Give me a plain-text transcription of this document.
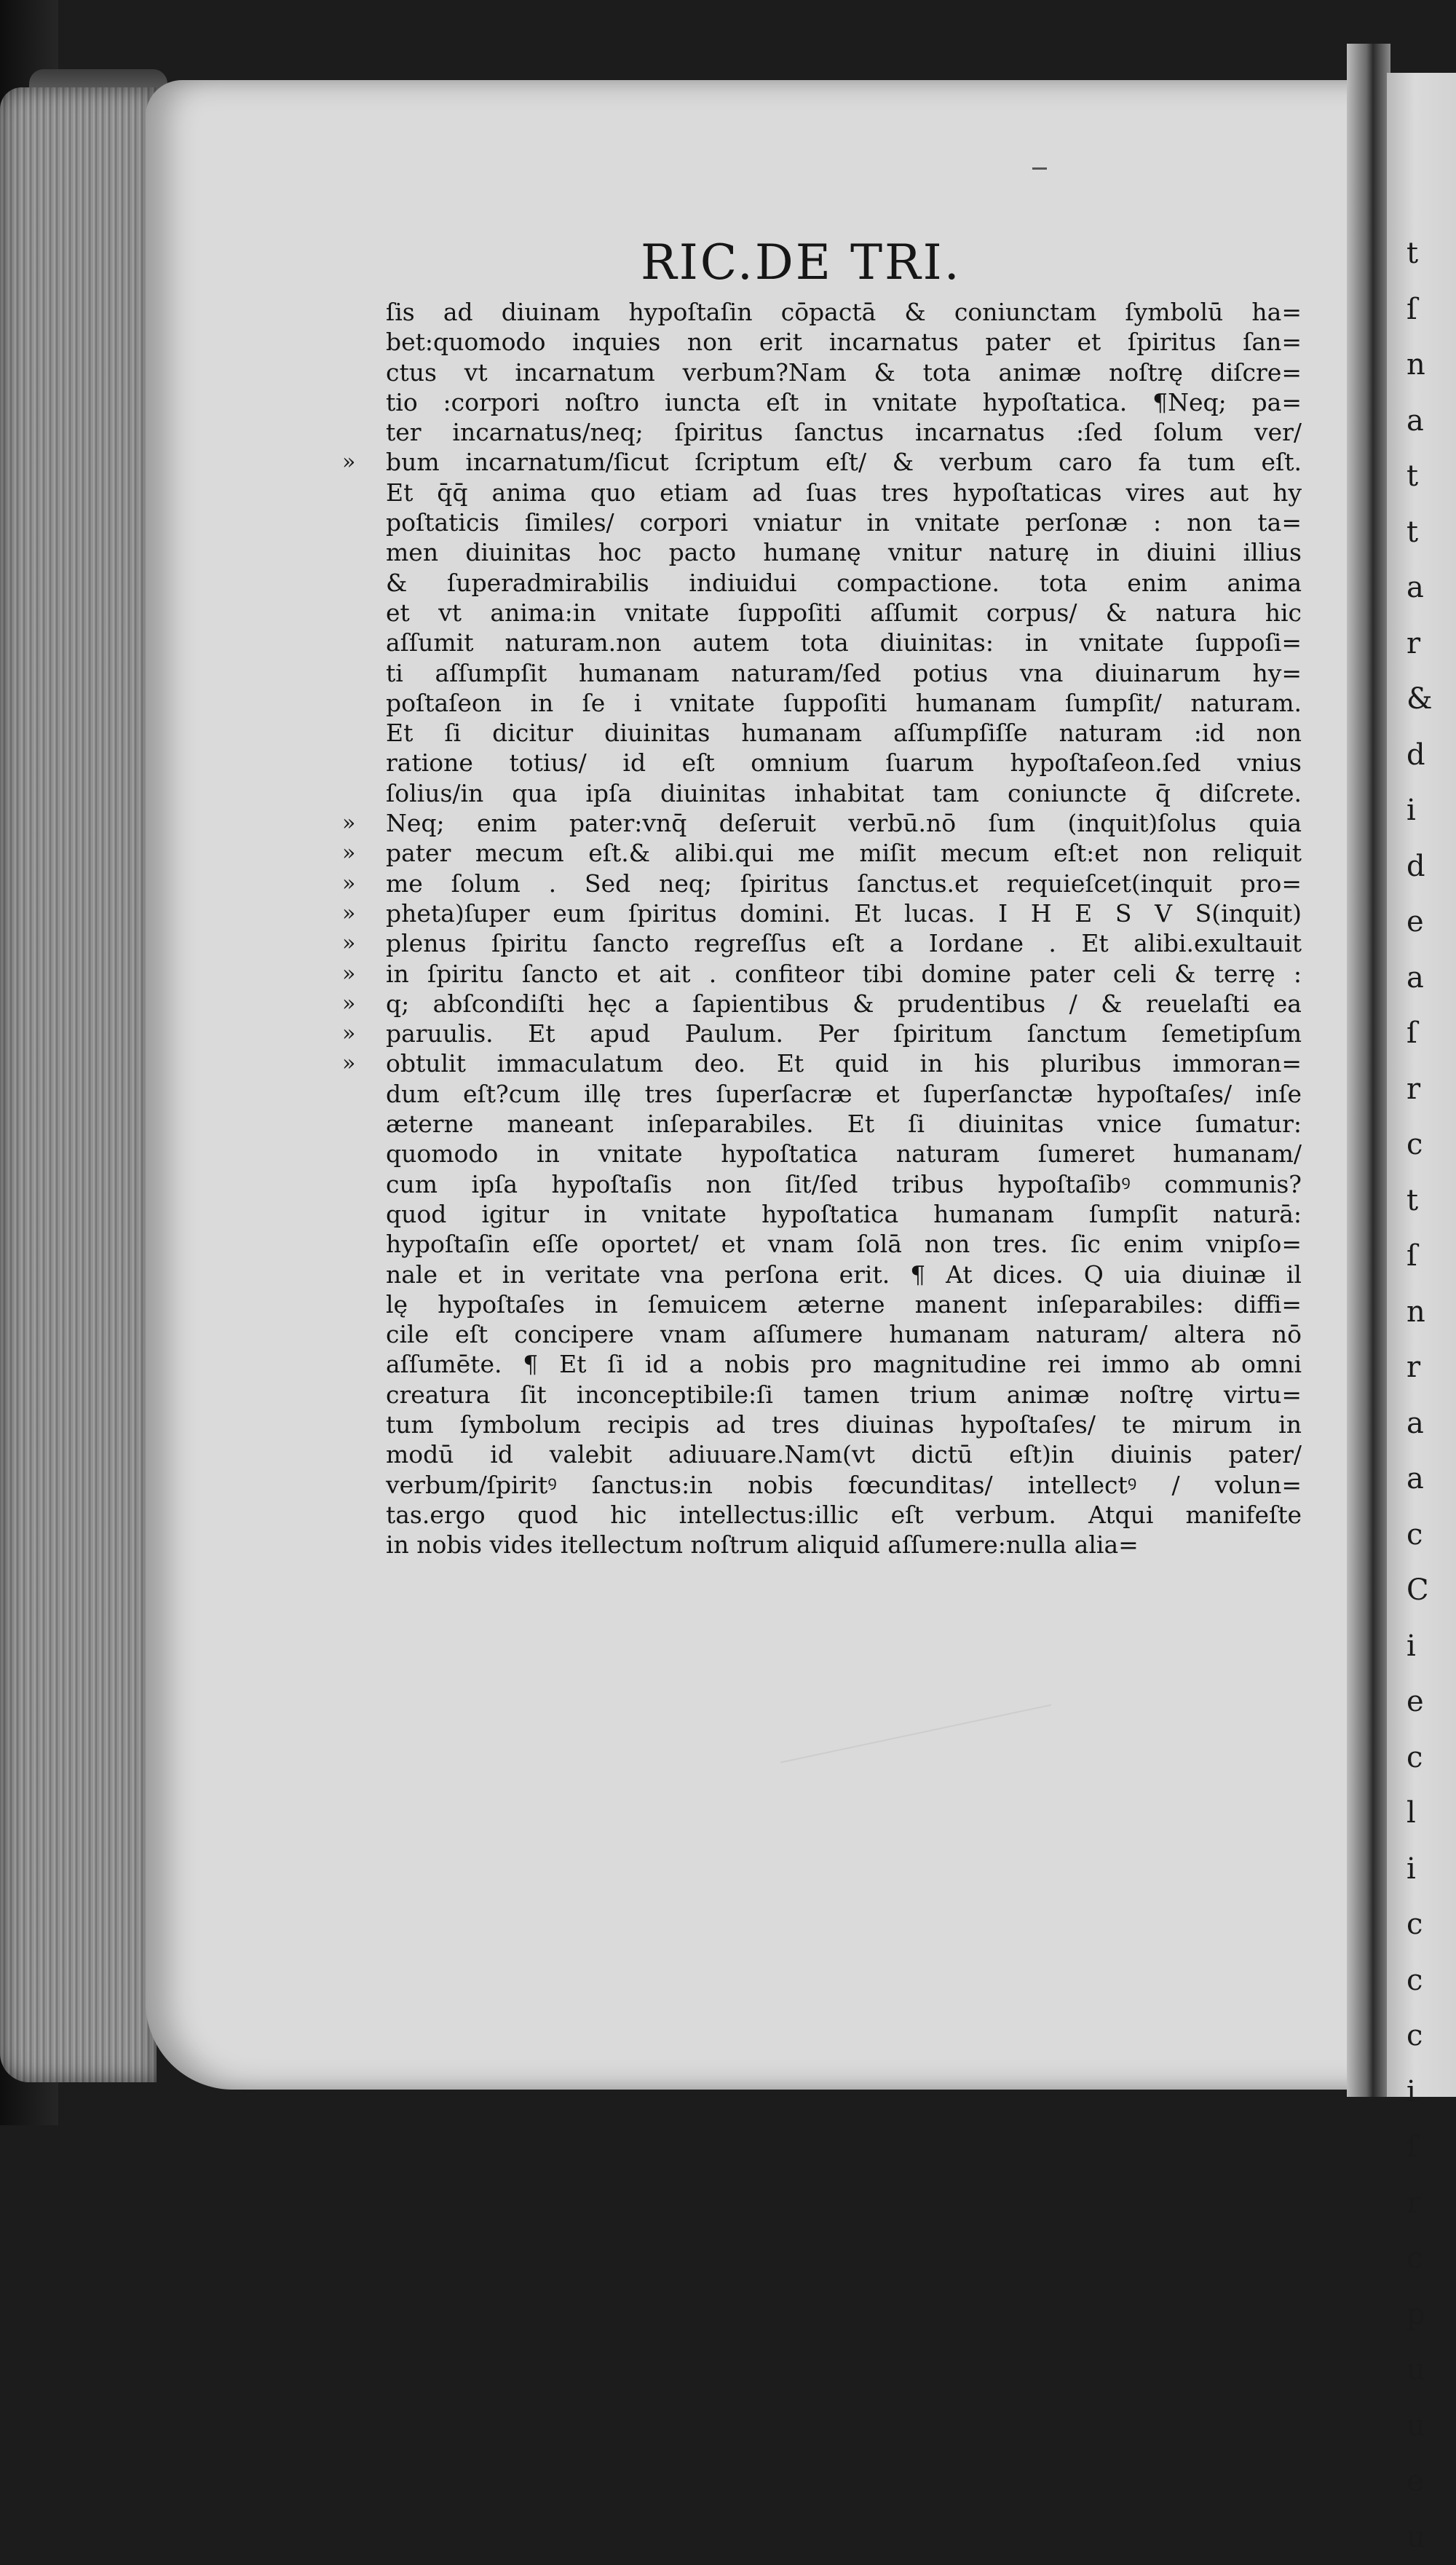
t
ſ
n
a
t
t
a
r
&
d
i
d
e
a
ſ
r
c
t
ſ
n
r
a
a
c
C
i
e
c
l
i
c
c
c
i
ſ
r
c
p
u
u
e
u
RIC.DE TRI.
ſis ad diuinam hypoſtaſin cōpactā & coniunctam ſymbolū ha=
bet:quomodo inquies non erit incarnatus pater et ſpiritus ſan=
ctus vt incarnatum verbum?Nam & tota animæ noſtrę diſcre=
tio :corpori noſtro iuncta eſt in vnitate hypoſtatica. ¶Neq; pa=
ter incarnatus/neq; ſpiritus ſanctus incarnatus :ſed ſolum ver/
» bum incarnatum/ſicut ſcriptum eſt/ & verbum caro fa tum eſt.
Et q̄q̄ anima quo etiam ad ſuas tres hypoſtaticas vires aut hy
poſtaticis ſimiles/ corpori vniatur in vnitate perſonæ : non ta=
men diuinitas hoc pacto humanę vnitur naturę in diuini illius
& ſuperadmirabilis indiuidui compactione. tota enim anima
et vt anima:in vnitate ſuppoſiti aſſumit corpus/ & natura hic
aſſumit naturam.non autem tota diuinitas: in vnitate ſuppoſi=
ti aſſumpſit humanam naturam/ſed potius vna diuinarum hy=
poſtaſeon in ſe i vnitate ſuppoſiti humanam ſumpſit/ naturam.
Et ſi dicitur diuinitas humanam aſſumpſiſſe naturam :id non
ratione totius/ id eſt omnium ſuarum hypoſtaſeon.ſed vnius
ſolius/in qua ipſa diuinitas inhabitat tam coniuncte q̄ diſcrete.
» Neq; enim pater:vnq̄ deſeruit verbū.nō ſum (inquit)ſolus quia
» pater mecum eſt.& alibi.qui me miſit mecum eſt:et non reliquit
» me ſolum . Sed neq; ſpiritus ſanctus.et requieſcet(inquit pro=
» pheta)ſuper eum ſpiritus domini. Et lucas. I H E S V S(inquit)
» plenus ſpiritu ſancto regreſſus eſt a Iordane . Et alibi.exultauit
» in ſpiritu ſancto et ait . confiteor tibi domine pater celi & terrę :
» q; abſcondiſti hęc a ſapientibus & prudentibus / & reuelaſti ea
» paruulis. Et apud Paulum. Per ſpiritum ſanctum ſemetipſum
» obtulit immaculatum deo. Et quid in his pluribus immoran=
dum eſt?cum illę tres ſuperſacræ et ſuperſanctæ hypoſtaſes/ inſe
æterne maneant inſeparabiles. Et ſi diuinitas vnice ſumatur:
quomodo in vnitate hypoſtatica naturam ſumeret humanam/
cum ipſa hypoſtaſis non ſit/ſed tribus hypoſtaſibꝰ communis?
quod igitur in vnitate hypoſtatica humanam ſumpſit naturā:
hypoſtaſin eſſe oportet/ et vnam ſolā non tres. ſic enim vnipſo=
nale et in veritate vna perſona erit. ¶ At dices. Q uia diuinæ il
lę hypoſtaſes in ſemuicem æterne manent inſeparabiles: diffi=
cile eſt concipere vnam aſſumere humanam naturam/ altera nō
aſſumēte. ¶ Et ſi id a nobis pro magnitudine rei immo ab omni
creatura ſit inconceptibile:ſi tamen trium animæ noſtrę virtu=
tum ſymbolum recipis ad tres diuinas hypoſtaſes/ te mirum in
modū id valebit adiuuare.Nam(vt dictū eſt)in diuinis pater/
verbum/ſpiritꝰ ſanctus:in nobis fœcunditas/ intellectꝰ / volun=
tas.ergo quod hic intellectus:illic eſt verbum. Atqui manifeſte
in nobis vides itellectum noſtrum aliquid aſſumere:nulla alia=
